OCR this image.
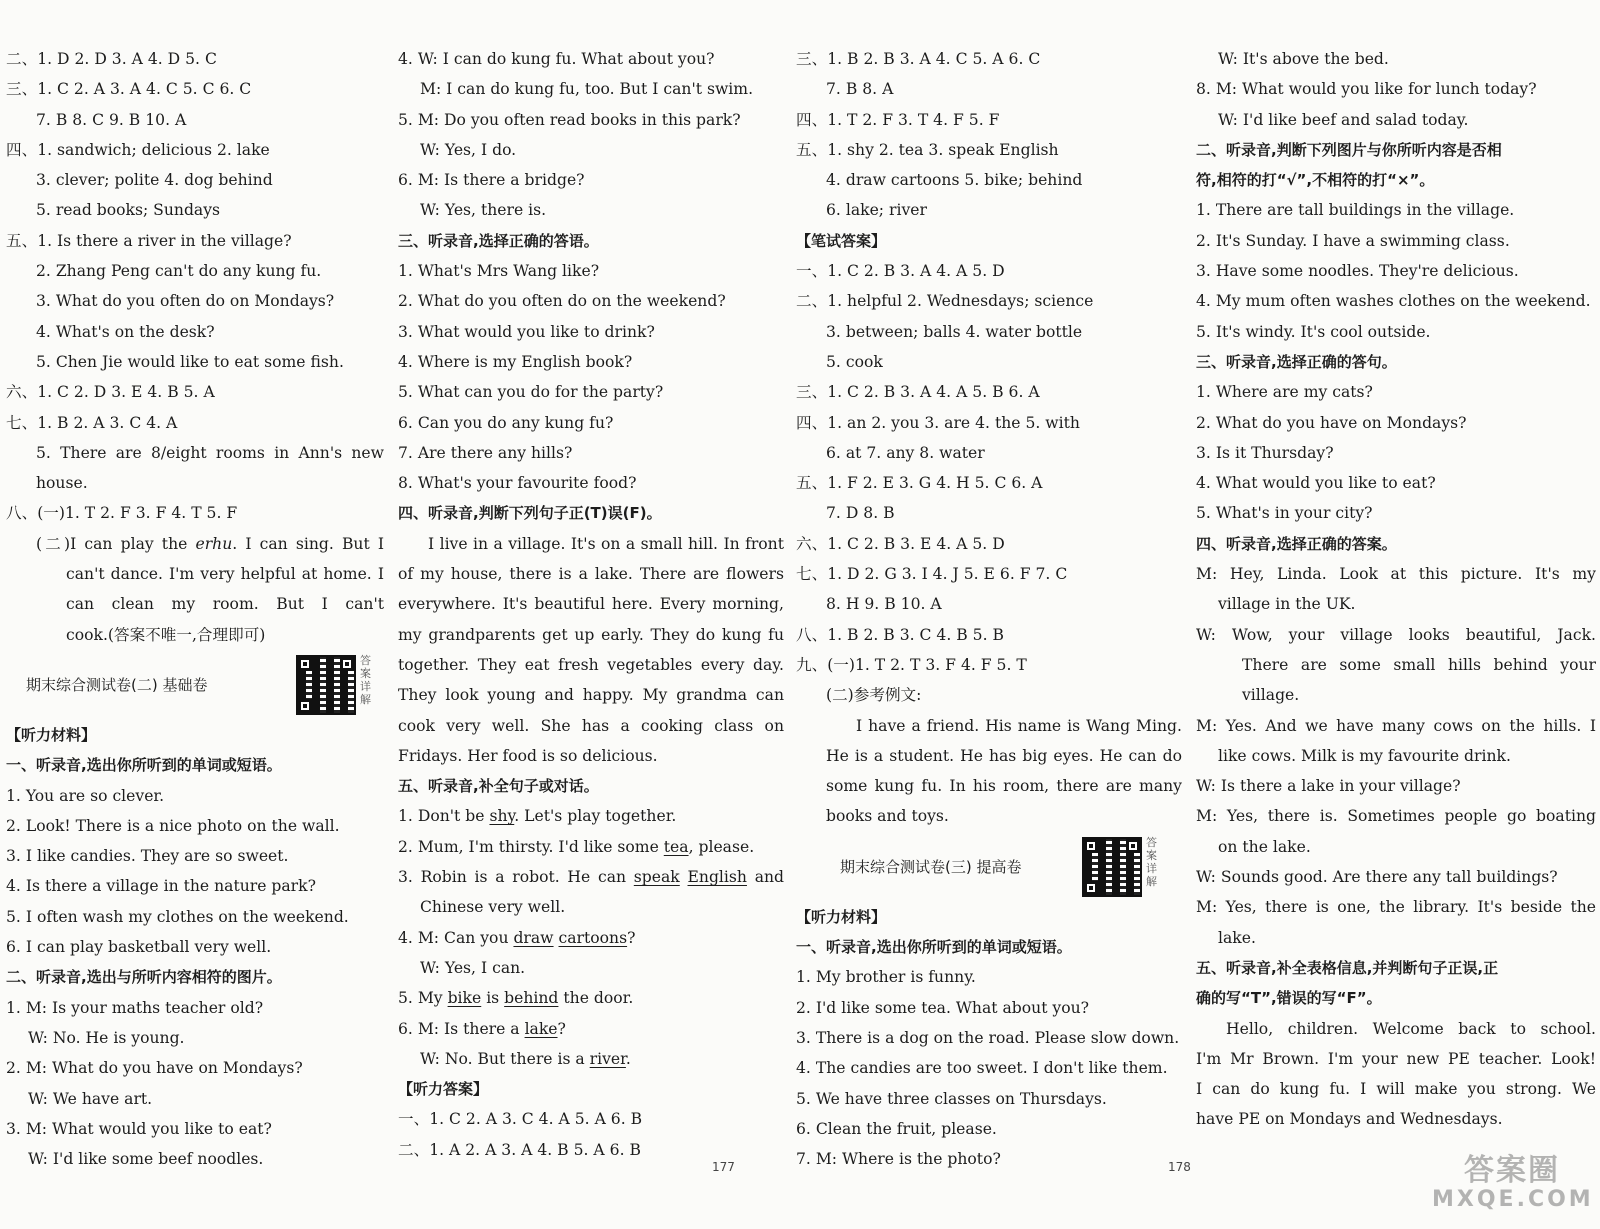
二、1. D 2. D 3. A 4. D 5. C
三、1. C 2. A 3. A 4. C 5. C 6. C
7. B 8. C 9. B 10. A
四、1. sandwich; delicious 2. lake
3. clever; polite 4. dog behind
5. read books; Sundays
五、1. Is there a river in the village?
2. Zhang Peng can't do any kung fu.
3. What do you often do on Mondays?
4. What's on the desk?
5. Chen Jie would like to eat some fish.
六、1. C 2. D 3. E 4. B 5. A
七、1. B 2. A 3. C 4. A
5. There are 8/eight rooms in Ann's new
house.
八、(一)1. T 2. F 3. F 4. T 5. F
(二)I can play the erhu. I can sing. But I
can't dance. I'm very helpful at home. I
can clean my room. But I can't
cook.(答案不唯一,合理即可)
期末综合测试卷(二) 基础卷
答案详解
【听力材料】
一、听录音,选出你所听到的单词或短语。
1. You are so clever.
2. Look! There is a nice photo on the wall.
3. I like candies. They are so sweet.
4. Is there a village in the nature park?
5. I often wash my clothes on the weekend.
6. I can play basketball very well.
二、听录音,选出与所听内容相符的图片。
1. M: Is your maths teacher old?
W: No. He is young.
2. M: What do you have on Mondays?
W: We have art.
3. M: What would you like to eat?
W: I'd like some beef noodles.
4. W: I can do kung fu. What about you?
M: I can do kung fu, too. But I can't swim.
5. M: Do you often read books in this park?
W: Yes, I do.
6. M: Is there a bridge?
W: Yes, there is.
三、听录音,选择正确的答语。
1. What's Mrs Wang like?
2. What do you often do on the weekend?
3. What would you like to drink?
4. Where is my English book?
5. What can you do for the party?
6. Can you do any kung fu?
7. Are there any hills?
8. What's your favourite food?
四、听录音,判断下列句子正(T)误(F)。
I live in a village. It's on a small hill. In front
of my house, there is a lake. There are flowers
everywhere. It's beautiful here. Every morning,
my grandparents get up early. They do kung fu
together. They eat fresh vegetables every day.
They look young and happy. My grandma can
cook very well. She has a cooking class on
Fridays. Her food is so delicious.
五、听录音,补全句子或对话。
1. Don't be shy. Let's play together.
2. Mum, I'm thirsty. I'd like some tea, please.
3. Robin is a robot. He can speak English and
Chinese very well.
4. M: Can you draw cartoons?
W: Yes, I can.
5. My bike is behind the door.
6. M: Is there a lake?
W: No. But there is a river.
【听力答案】
一、1. C 2. A 3. C 4. A 5. A 6. B
二、1. A 2. A 3. A 4. B 5. A 6. B
三、1. B 2. B 3. A 4. C 5. A 6. C
7. B 8. A
四、1. T 2. F 3. T 4. F 5. F
五、1. shy 2. tea 3. speak English
4. draw cartoons 5. bike; behind
6. lake; river
【笔试答案】
一、1. C 2. B 3. A 4. A 5. D
二、1. helpful 2. Wednesdays; science
3. between; balls 4. water bottle
5. cook
三、1. C 2. B 3. A 4. A 5. B 6. A
四、1. an 2. you 3. are 4. the 5. with
6. at 7. any 8. water
五、1. F 2. E 3. G 4. H 5. C 6. A
7. D 8. B
六、1. C 2. B 3. E 4. A 5. D
七、1. D 2. G 3. I 4. J 5. E 6. F 7. C
8. H 9. B 10. A
八、1. B 2. B 3. C 4. B 5. B
九、(一)1. T 2. T 3. F 4. F 5. T
(二)参考例文:
I have a friend. His name is Wang Ming.
He is a student. He has big eyes. He can do
some kung fu. In his room, there are many
books and toys.
期末综合测试卷(三) 提高卷
答案详解
【听力材料】
一、听录音,选出你所听到的单词或短语。
1. My brother is funny.
2. I'd like some tea. What about you?
3. There is a dog on the road. Please slow down.
4. The candies are too sweet. I don't like them.
5. We have three classes on Thursdays.
6. Clean the fruit, please.
7. M: Where is the photo?
W: It's above the bed.
8. M: What would you like for lunch today?
W: I'd like beef and salad today.
二、听录音,判断下列图片与你所听内容是否相
符,相符的打“√”,不相符的打“×”。
1. There are tall buildings in the village.
2. It's Sunday. I have a swimming class.
3. Have some noodles. They're delicious.
4. My mum often washes clothes on the weekend.
5. It's windy. It's cool outside.
三、听录音,选择正确的答句。
1. Where are my cats?
2. What do you have on Mondays?
3. Is it Thursday?
4. What would you like to eat?
5. What's in your city?
四、听录音,选择正确的答案。
M: Hey, Linda. Look at this picture. It's my
village in the UK.
W: Wow, your village looks beautiful, Jack.
There are some small hills behind your
village.
M: Yes. And we have many cows on the hills. I
like cows. Milk is my favourite drink.
W: Is there a lake in your village?
M: Yes, there is. Sometimes people go boating
on the lake.
W: Sounds good. Are there any tall buildings?
M: Yes, there is one, the library. It's beside the
lake.
五、听录音,补全表格信息,并判断句子正误,正
确的写“T”,错误的写“F”。
Hello, children. Welcome back to school.
I'm Mr Brown. I'm your new PE teacher. Look!
I can do kung fu. I will make you strong. We
have PE on Mondays and Wednesdays.
177	178	答案圈
MXQE.COM
